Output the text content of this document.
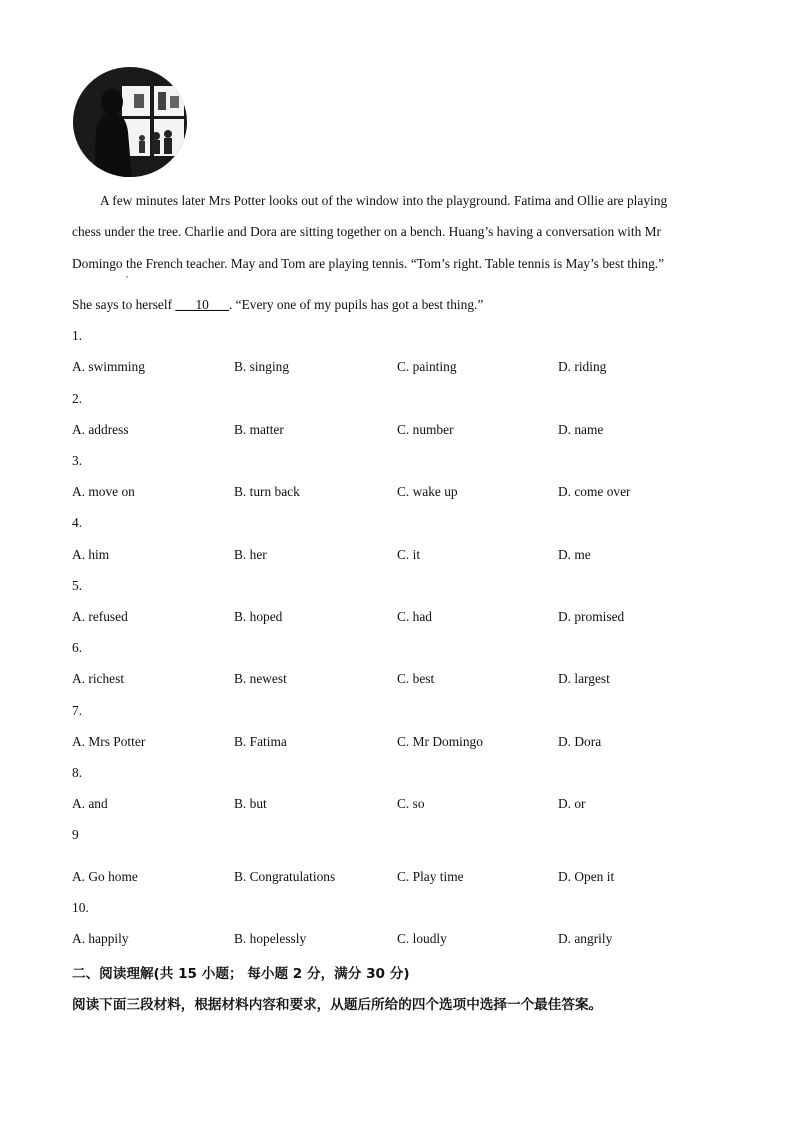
A few minutes later Mrs Potter looks out of the window into the playground. Fatima and Ollie are playing
chess under the tree. Charlie and Dora are sitting together on a bench. Huang’s having a conversation with Mr
Domingo the French teacher. May and Tom are playing tennis. “Tom’s right. Table tennis is May’s best thing.”
,
She says to herself ___10___. “Every one of my pupils has got a best thing.”
1.
A. swimming	B. singing	C. painting	D. riding
2.
A. address	B. matter	C. number	D. name
3.
A. move on	B. turn back	C. wake up	D. come over
4.
A. him	B. her	C. it	D. me
5.
A. refused	B. hoped	C. had	D. promised
6.
A. richest	B. newest	C. best	D. largest
7.
A. Mrs Potter	B. Fatima	C. Mr Domingo	D. Dora
8.
A. and	B. but	C. so	D. or
9
A. Go home	B. Congratulations	C. Play time	D. Open it
10.
A. happily	B. hopelessly	C. loudly	D. angrily
二、阅读理解(共 15 小题； 每小题 2 分，满分 30 分)
阅读下面三段材料，根据材料内容和要求，从题后所给的四个选项中选择一个最佳答案。
